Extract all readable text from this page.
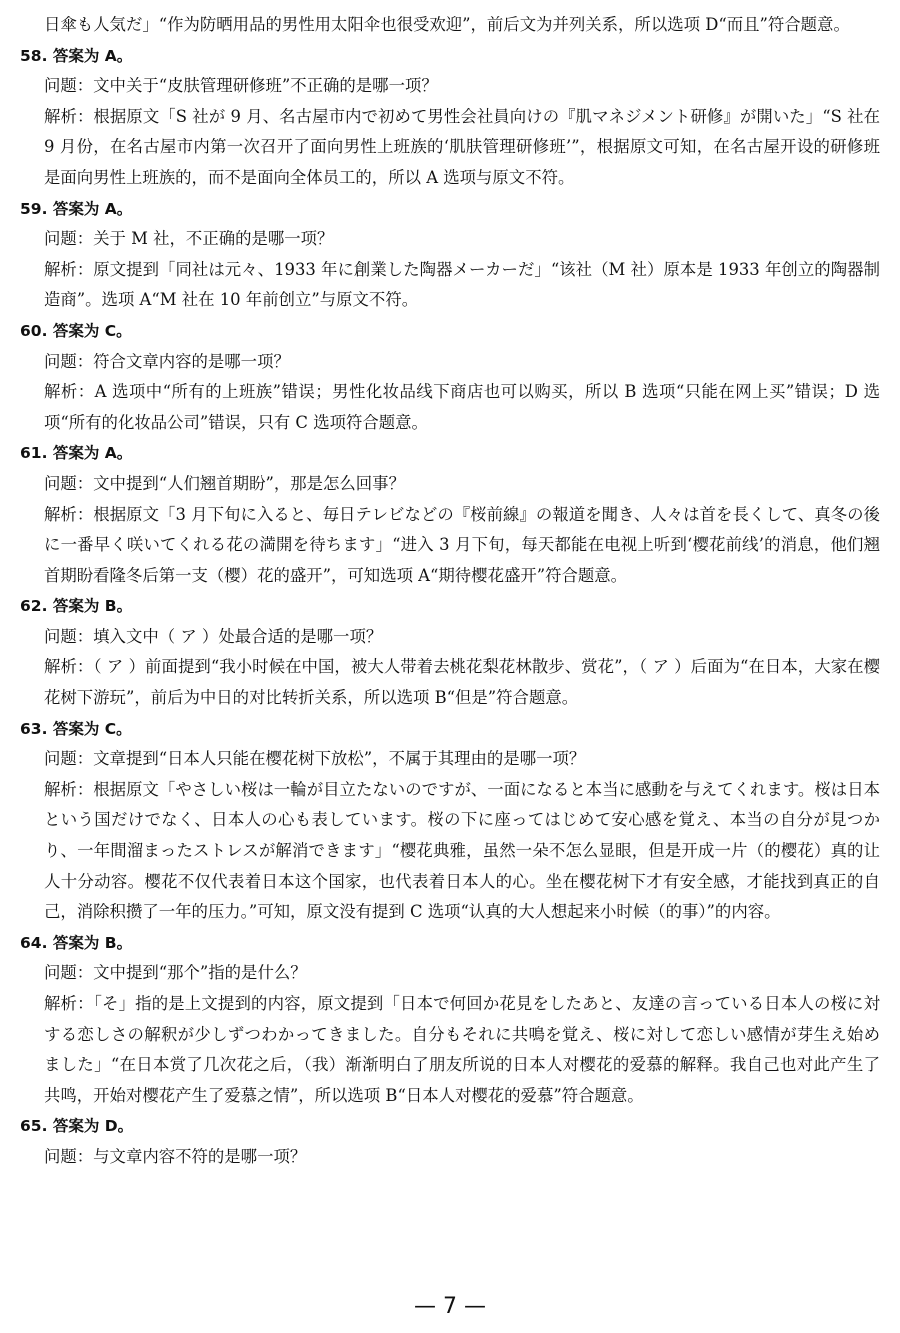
日傘も人気だ」“作为防晒用品的男性用太阳伞也很受欢迎”，前后文为并列关系，所以选项 D“而且”符合题意。

58. 答案为 A。

问题：文中关于“皮肤管理研修班”不正确的是哪一项？

解析：根据原文「S 社が 9 月、名古屋市内で初めて男性会社員向けの『肌マネジメント研修』が開いた」“S 社在 9 月份，在名古屋市内第一次召开了面向男性上班族的‘肌肤管理研修班’”，根据原文可知，在名古屋开设的研修班是面向男性上班族的，而不是面向全体员工的，所以 A 选项与原文不符。

59. 答案为 A。

问题：关于 M 社，不正确的是哪一项？

解析：原文提到「同社は元々、1933 年に創業した陶器メーカーだ」“该社（M 社）原本是 1933 年创立的陶器制造商”。选项 A“M 社在 10 年前创立”与原文不符。

60. 答案为 C。

问题：符合文章内容的是哪一项？

解析：A 选项中“所有的上班族”错误；男性化妆品线下商店也可以购买，所以 B 选项“只能在网上买”错误；D 选项“所有的化妆品公司”错误，只有 C 选项符合题意。

61. 答案为 A。

问题：文中提到“人们翘首期盼”，那是怎么回事？

解析：根据原文「3 月下旬に入ると、毎日テレビなどの『桜前線』の報道を聞き、人々は首を長くして、真冬の後に一番早く咲いてくれる花の満開を待ちます」“进入 3 月下旬，每天都能在电视上听到‘樱花前线’的消息，他们翘首期盼看隆冬后第一支（樱）花的盛开”，可知选项 A“期待樱花盛开”符合题意。

62. 答案为 B。

问题：填入文中（ ア ）处最合适的是哪一项？

解析：（ ア ）前面提到“我小时候在中国，被大人带着去桃花梨花林散步、赏花”，（ ア ）后面为“在日本，大家在樱花树下游玩”，前后为中日的对比转折关系，所以选项 B“但是”符合题意。

63. 答案为 C。

问题：文章提到“日本人只能在樱花树下放松”，不属于其理由的是哪一项？

解析：根据原文「やさしい桜は一輪が目立たないのですが、一面になると本当に感動を与えてくれます。桜は日本という国だけでなく、日本人の心も表しています。桜の下に座ってはじめて安心感を覚え、本当の自分が見つかり、一年間溜まったストレスが解消できます」“樱花典雅，虽然一朵不怎么显眼，但是开成一片（的樱花）真的让人十分动容。樱花不仅代表着日本这个国家，也代表着日本人的心。坐在樱花树下才有安全感，才能找到真正的自己，消除积攒了一年的压力。”可知，原文没有提到 C 选项“认真的大人想起来小时候（的事）”的内容。

64. 答案为 B。

问题：文中提到“那个”指的是什么？

解析：「そ」指的是上文提到的内容，原文提到「日本で何回か花見をしたあと、友達の言っている日本人の桜に対する恋しさの解釈が少しずつわかってきました。自分もそれに共鳴を覚え、桜に対して恋しい感情が芽生え始めました」“在日本赏了几次花之后，（我）渐渐明白了朋友所说的日本人对樱花的爱慕的解释。我自己也对此产生了共鸣，开始对樱花产生了爱慕之情”，所以选项 B“日本人对樱花的爱慕”符合题意。

65. 答案为 D。

问题：与文章内容不符的是哪一项？

— 7 —
